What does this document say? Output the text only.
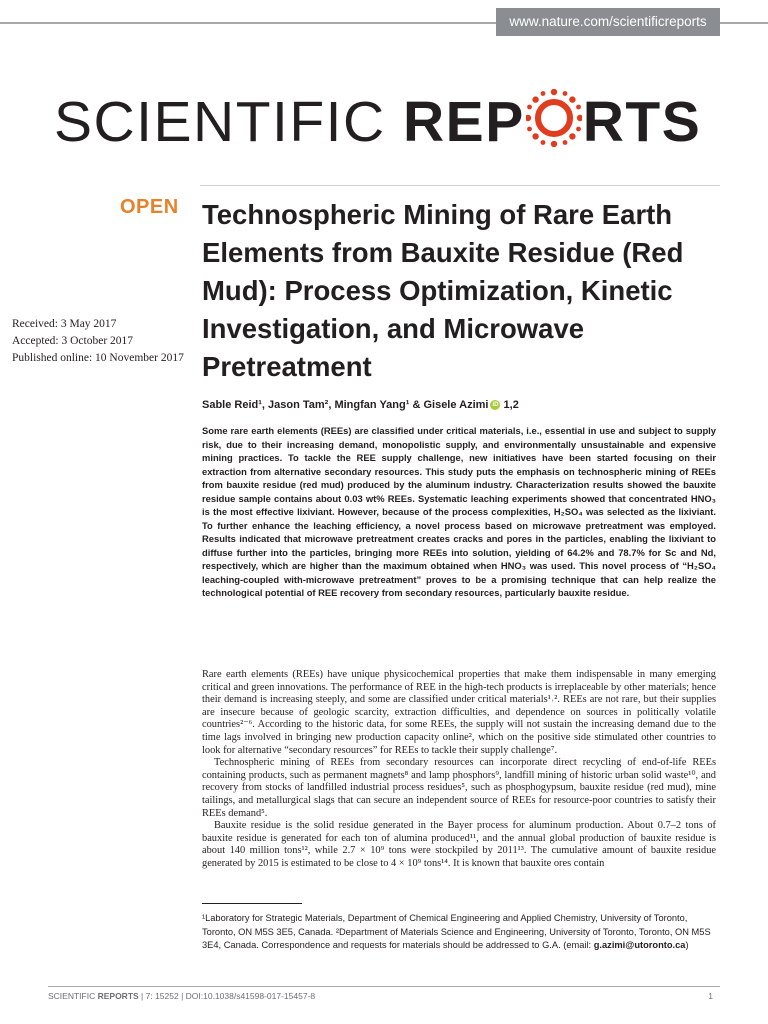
www.nature.com/scientificreports
SCIENTIFIC REP RTS
OPEN
Received: 3 May 2017
Accepted: 3 October 2017
Published online: 10 November 2017
Technospheric Mining of Rare Earth Elements from Bauxite Residue (Red Mud): Process Optimization, Kinetic Investigation, and Microwave Pretreatment
Sable Reid¹, Jason Tam², Mingfan Yang¹ & Gisele Azimi iD 1,2
Some rare earth elements (REEs) are classified under critical materials, i.e., essential in use and subject to supply risk, due to their increasing demand, monopolistic supply, and environmentally unsustainable and expensive mining practices. To tackle the REE supply challenge, new initiatives have been started focusing on their extraction from alternative secondary resources. This study puts the emphasis on technospheric mining of REEs from bauxite residue (red mud) produced by the aluminum industry. Characterization results showed the bauxite residue sample contains about 0.03 wt% REEs. Systematic leaching experiments showed that concentrated HNO₃ is the most effective lixiviant. However, because of the process complexities, H₂SO₄ was selected as the lixiviant. To further enhance the leaching efficiency, a novel process based on microwave pretreatment was employed. Results indicated that microwave pretreatment creates cracks and pores in the particles, enabling the lixiviant to diffuse further into the particles, bringing more REEs into solution, yielding of 64.2% and 78.7% for Sc and Nd, respectively, which are higher than the maximum obtained when HNO₃ was used. This novel process of “H₂SO₄ leaching-coupled with-microwave pretreatment” proves to be a promising technique that can help realize the technological potential of REE recovery from secondary resources, particularly bauxite residue.

Rare earth elements (REEs) have unique physicochemical properties that make them indispensable in many emerging critical and green innovations. The performance of REE in the high-tech products is irreplaceable by other materials; hence their demand is increasing steeply, and some are classified under critical materials¹˒². REEs are not rare, but their supplies are insecure because of geologic scarcity, extraction difficulties, and dependence on sources in politically volatile countries²⁻⁶. According to the historic data, for some REEs, the supply will not sustain the increasing demand due to the time lags involved in bringing new production capacity online², which on the positive side stimulated other countries to look for alternative “secondary resources” for REEs to tackle their supply challenge⁷.

Technospheric mining of REEs from secondary resources can incorporate direct recycling of end-of-life REEs containing products, such as permanent magnets⁸ and lamp phosphors⁹, landfill mining of historic urban solid waste¹⁰, and recovery from stocks of landfilled industrial process residues⁵, such as phosphogypsum, bauxite residue (red mud), mine tailings, and metallurgical slags that can secure an independent source of REEs for resource-poor countries to satisfy their REEs demand⁵.

Bauxite residue is the solid residue generated in the Bayer process for aluminum production. About 0.7–2 tons of bauxite residue is generated for each ton of alumina produced¹¹, and the annual global production of bauxite residue is about 140 million tons¹², while 2.7 × 10⁹ tons were stockpiled by 2011¹³. The cumulative amount of bauxite residue generated by 2015 is estimated to be close to 4 × 10⁹ tons¹⁴. It is known that bauxite ores contain

¹Laboratory for Strategic Materials, Department of Chemical Engineering and Applied Chemistry, University of Toronto, Toronto, ON M5S 3E5, Canada. ²Department of Materials Science and Engineering, University of Toronto, Toronto, ON M5S 3E4, Canada. Correspondence and requests for materials should be addressed to G.A. (email: g.azimi@utoronto.ca)
SCIENTIFIC REPORTS | 7: 15252 | DOI:10.1038/s41598-017-15457-8	1
